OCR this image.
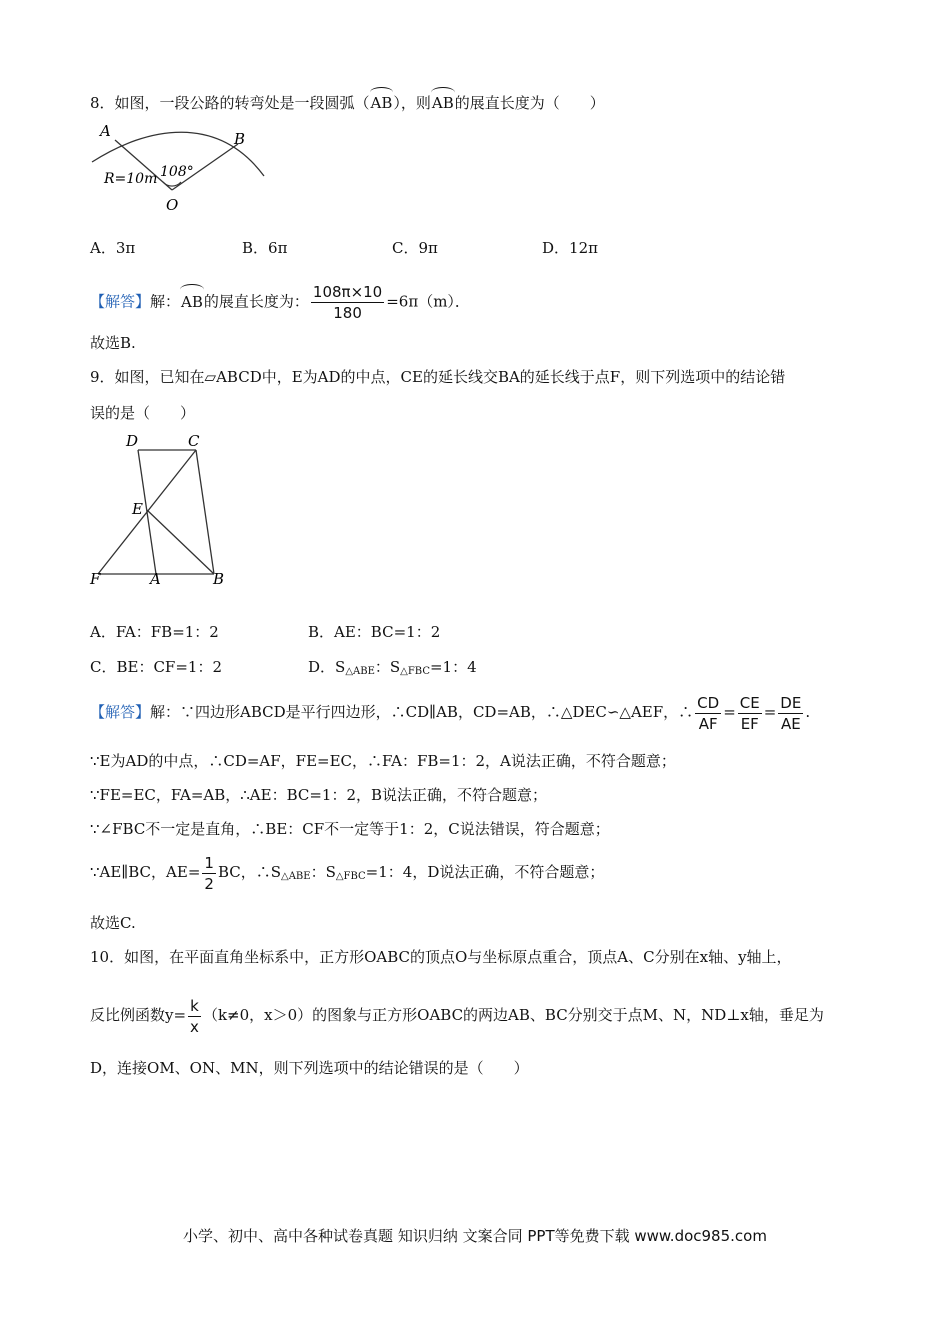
8．如图，一段公路的转弯处是一段圆弧（AB），则AB的展直长度为（　　）
A	B
O
108°
R=10m
A．3π	B．6π	C．9π	D．12π
【解答】解：AB的展直长度为： $\frac{108\pi\times 10}{180} =6\pi(m)$．
故选B.
9．如图，已知在▱ABCD中，E为AD的中点，CE的延长线交BA的延长线于点F，则下列选项中的结论错
误的是（　　）
D	C
E
F	A	B
A．FA：FB=1：2	B．AE：BC=1：2
C．BE：CF=1：2	D．$S_{\triangle ABE}$：$S_{\triangle FBC}=1$：4
【解答】解：∵四边形ABCD是平行四边形，∴CD∥AB，CD=AB，∴△DEC∽△AEF，∴ $\frac{CD}{AF} = \frac{CE}{EF} = \frac{DE}{AE}$ .
∵E为AD的中点，∴CD=AF，FE=EC，∴FA：FB=1：2，A说法正确，不符合题意；
∵FE=EC，FA=AB，∴AE：BC=1：2，B说法正确，不符合题意；
∵∠FBC不一定是直角，∴BE：CF不一定等于1：2，C说法错误，符合题意；
∵AE∥BC，$AE= \frac{1}{2}$ BC，$\therefore S_{\triangle ABE}$：$S_{\triangle FBC}=1$：4，D说法正确，不符合题意；
故选C.
10．如图，在平面直角坐标系中，正方形OABC的顶点O与坐标原点重合，顶点A、C分别在x轴、y轴上，
反比例函数$y= \frac{k}{x} (k\ne 0$，x＞0）的图象与正方形OABC的两边AB、BC分别交于点M、N，ND⊥x轴，垂足为
D，连接OM、ON、MN，则下列选项中的结论错误的是（　　）
小学、初中、高中各种试卷真题 知识归纳 文案合同 PPT等免费下载 www.doc985.com
